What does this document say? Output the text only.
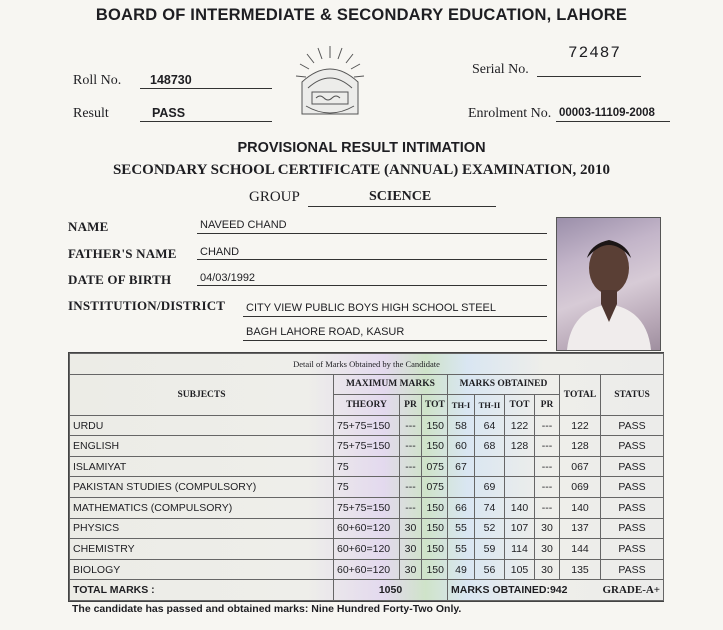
BOARD OF INTERMEDIATE & SECONDARY EDUCATION, LAHORE
Serial No.
72487
Roll No. 148730
Result	PASS	Enrolment No. 00003-11109-2008
PROVISIONAL RESULT INTIMATION
SECONDARY SCHOOL CERTIFICATE (ANNUAL) EXAMINATION, 2010
GROUP	SCIENCE
NAME	NAVEED CHAND
FATHER'S NAME CHAND
DATE OF BIRTH	04/03/1992
INSTITUTION/DISTRICT CITY VIEW PUBLIC BOYS HIGH SCHOOL STEEL
BAGH LAHORE ROAD, KASUR
Detail of Marks Obtained by the Candidate									
SUBJECTS	MAXIMUM MARKS			MARKS OBTAINED				TOTAL	STATUS
	THEORY	PR	TOT	TH-I	TH-II	TOT	PR		
URDU	75+75=150	---	150	58	64	122	---	122	PASS
ENGLISH	75+75=150	---	150	60	68	128	---	128	PASS
ISLAMIYAT	75	---	075	67			---	067	PASS
PAKISTAN STUDIES (COMPULSORY)	75	---	075		69		---	069	PASS
MATHEMATICS (COMPULSORY)	75+75=150	---	150	66	74	140	---	140	PASS
PHYSICS	60+60=120	30	150	55	52	107	30	137	PASS
CHEMISTRY	60+60=120	30	150	55	59	114	30	144	PASS
BIOLOGY	60+60=120	30	150	49	56	105	30	135	PASS
TOTAL MARKS :	1050			MARKS OBTAINED:942 GRADE-A+					
The candidate has passed and obtained marks: Nine Hundred Forty-Two Only.
